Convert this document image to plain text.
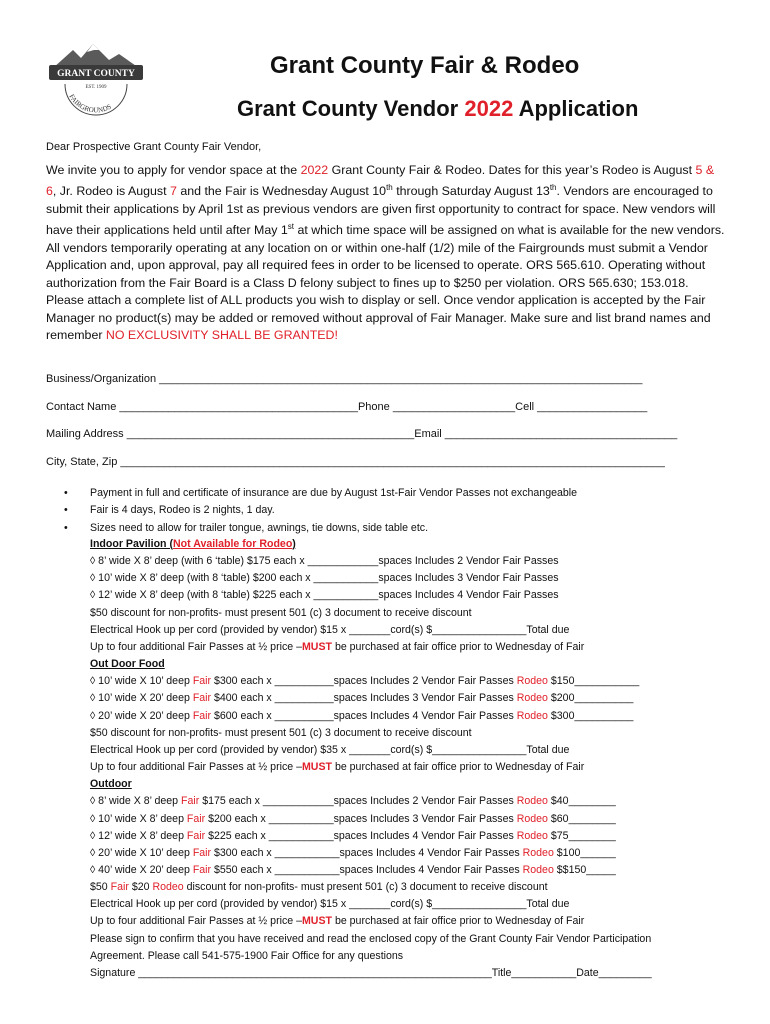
GRANT COUNTY
EST. 1909
FAIRGROUNDS
Grant County Fair & Rodeo
Grant County Vendor 2022 Application
Dear Prospective Grant County Fair Vendor,

We invite you to apply for vendor space at the 2022 Grant County Fair & Rodeo. Dates for this year’s Rodeo is August 5 & 6, Jr. Rodeo is August 7 and the Fair is Wednesday August 10th through Saturday August 13th. Vendors are encouraged to submit their applications by April 1st as previous vendors are given first opportunity to contract for space. New vendors will have their applications held until after May 1st at which time space will be assigned on what is available for the new vendors. All vendors temporarily operating at any location on or within one-half (1/2) mile of the Fairgrounds must submit a Vendor Application and, upon approval, pay all required fees in order to be licensed to operate. ORS 565.610. Operating without authorization from the Fair Board is a Class D felony subject to fines up to $250 per violation. ORS 565.630; 153.018.

Please attach a complete list of ALL products you wish to display or sell. Once vendor application is accepted by the Fair Manager no product(s) may be added or removed without approval of Fair Manager. Make sure and list brand names and remember NO EXCLUSIVITY SHALL BE GRANTED!

Business/Organization _______________________________________________________________________________
Contact Name _______________________________________Phone ____________________Cell __________________
Mailing Address _______________________________________________Email ______________________________________
City, State, Zip _________________________________________________________________________________________
• Payment in full and certificate of insurance are due by August 1st-Fair Vendor Passes not exchangeable
• Fair is 4 days, Rodeo is 2 nights, 1 day.
• Sizes need to allow for trailer tongue, awnings, tie downs, side table etc.
Indoor Pavilion (Not Available for Rodeo)
◊ 8’ wide X 8’ deep (with 6 ‘table) $175 each x ____________spaces Includes 2 Vendor Fair Passes
◊ 10’ wide X 8’ deep (with 8 ‘table) $200 each x ___________spaces Includes 3 Vendor Fair Passes
◊ 12’ wide X 8’ deep (with 8 ‘table) $225 each x ___________spaces Includes 4 Vendor Fair Passes
$50 discount for non-profits- must present 501 (c) 3 document to receive discount
Electrical Hook up per cord (provided by vendor) $15 x _______cord(s) $________________Total due
Up to four additional Fair Passes at ½ price –MUST be purchased at fair office prior to Wednesday of Fair
Out Door Food
◊ 10’ wide X 10’ deep Fair $300 each x __________spaces Includes 2 Vendor Fair Passes Rodeo $150___________
◊ 10’ wide X 20’ deep Fair $400 each x __________spaces Includes 3 Vendor Fair Passes Rodeo $200__________
◊ 20’ wide X 20’ deep Fair $600 each x __________spaces Includes 4 Vendor Fair Passes Rodeo $300__________
$50 discount for non-profits- must present 501 (c) 3 document to receive discount
Electrical Hook up per cord (provided by vendor) $35 x _______cord(s) $________________Total due
Up to four additional Fair Passes at ½ price –MUST be purchased at fair office prior to Wednesday of Fair
Outdoor
◊ 8’ wide X 8’ deep Fair $175 each x ____________spaces Includes 2 Vendor Fair Passes Rodeo $40________
◊ 10’ wide X 8’ deep Fair $200 each x ___________spaces Includes 3 Vendor Fair Passes Rodeo $60________
◊ 12’ wide X 8’ deep Fair $225 each x ___________spaces Includes 4 Vendor Fair Passes Rodeo $75________
◊ 20’ wide X 10’ deep Fair $300 each x ___________spaces Includes 4 Vendor Fair Passes Rodeo $100______
◊ 40’ wide X 20’ deep Fair $550 each x ___________spaces Includes 4 Vendor Fair Passes Rodeo $$150_____
$50 Fair $20 Rodeo discount for non-profits- must present 501 (c) 3 document to receive discount
Electrical Hook up per cord (provided by vendor) $15 x _______cord(s) $________________Total due
Up to four additional Fair Passes at ½ price –MUST be purchased at fair office prior to Wednesday of Fair
Please sign to confirm that you have received and read the enclosed copy of the Grant County Fair Vendor Participation
Agreement. Please call 541-575-1900 Fair Office for any questions
Signature ____________________________________________________________Title___________Date_________
